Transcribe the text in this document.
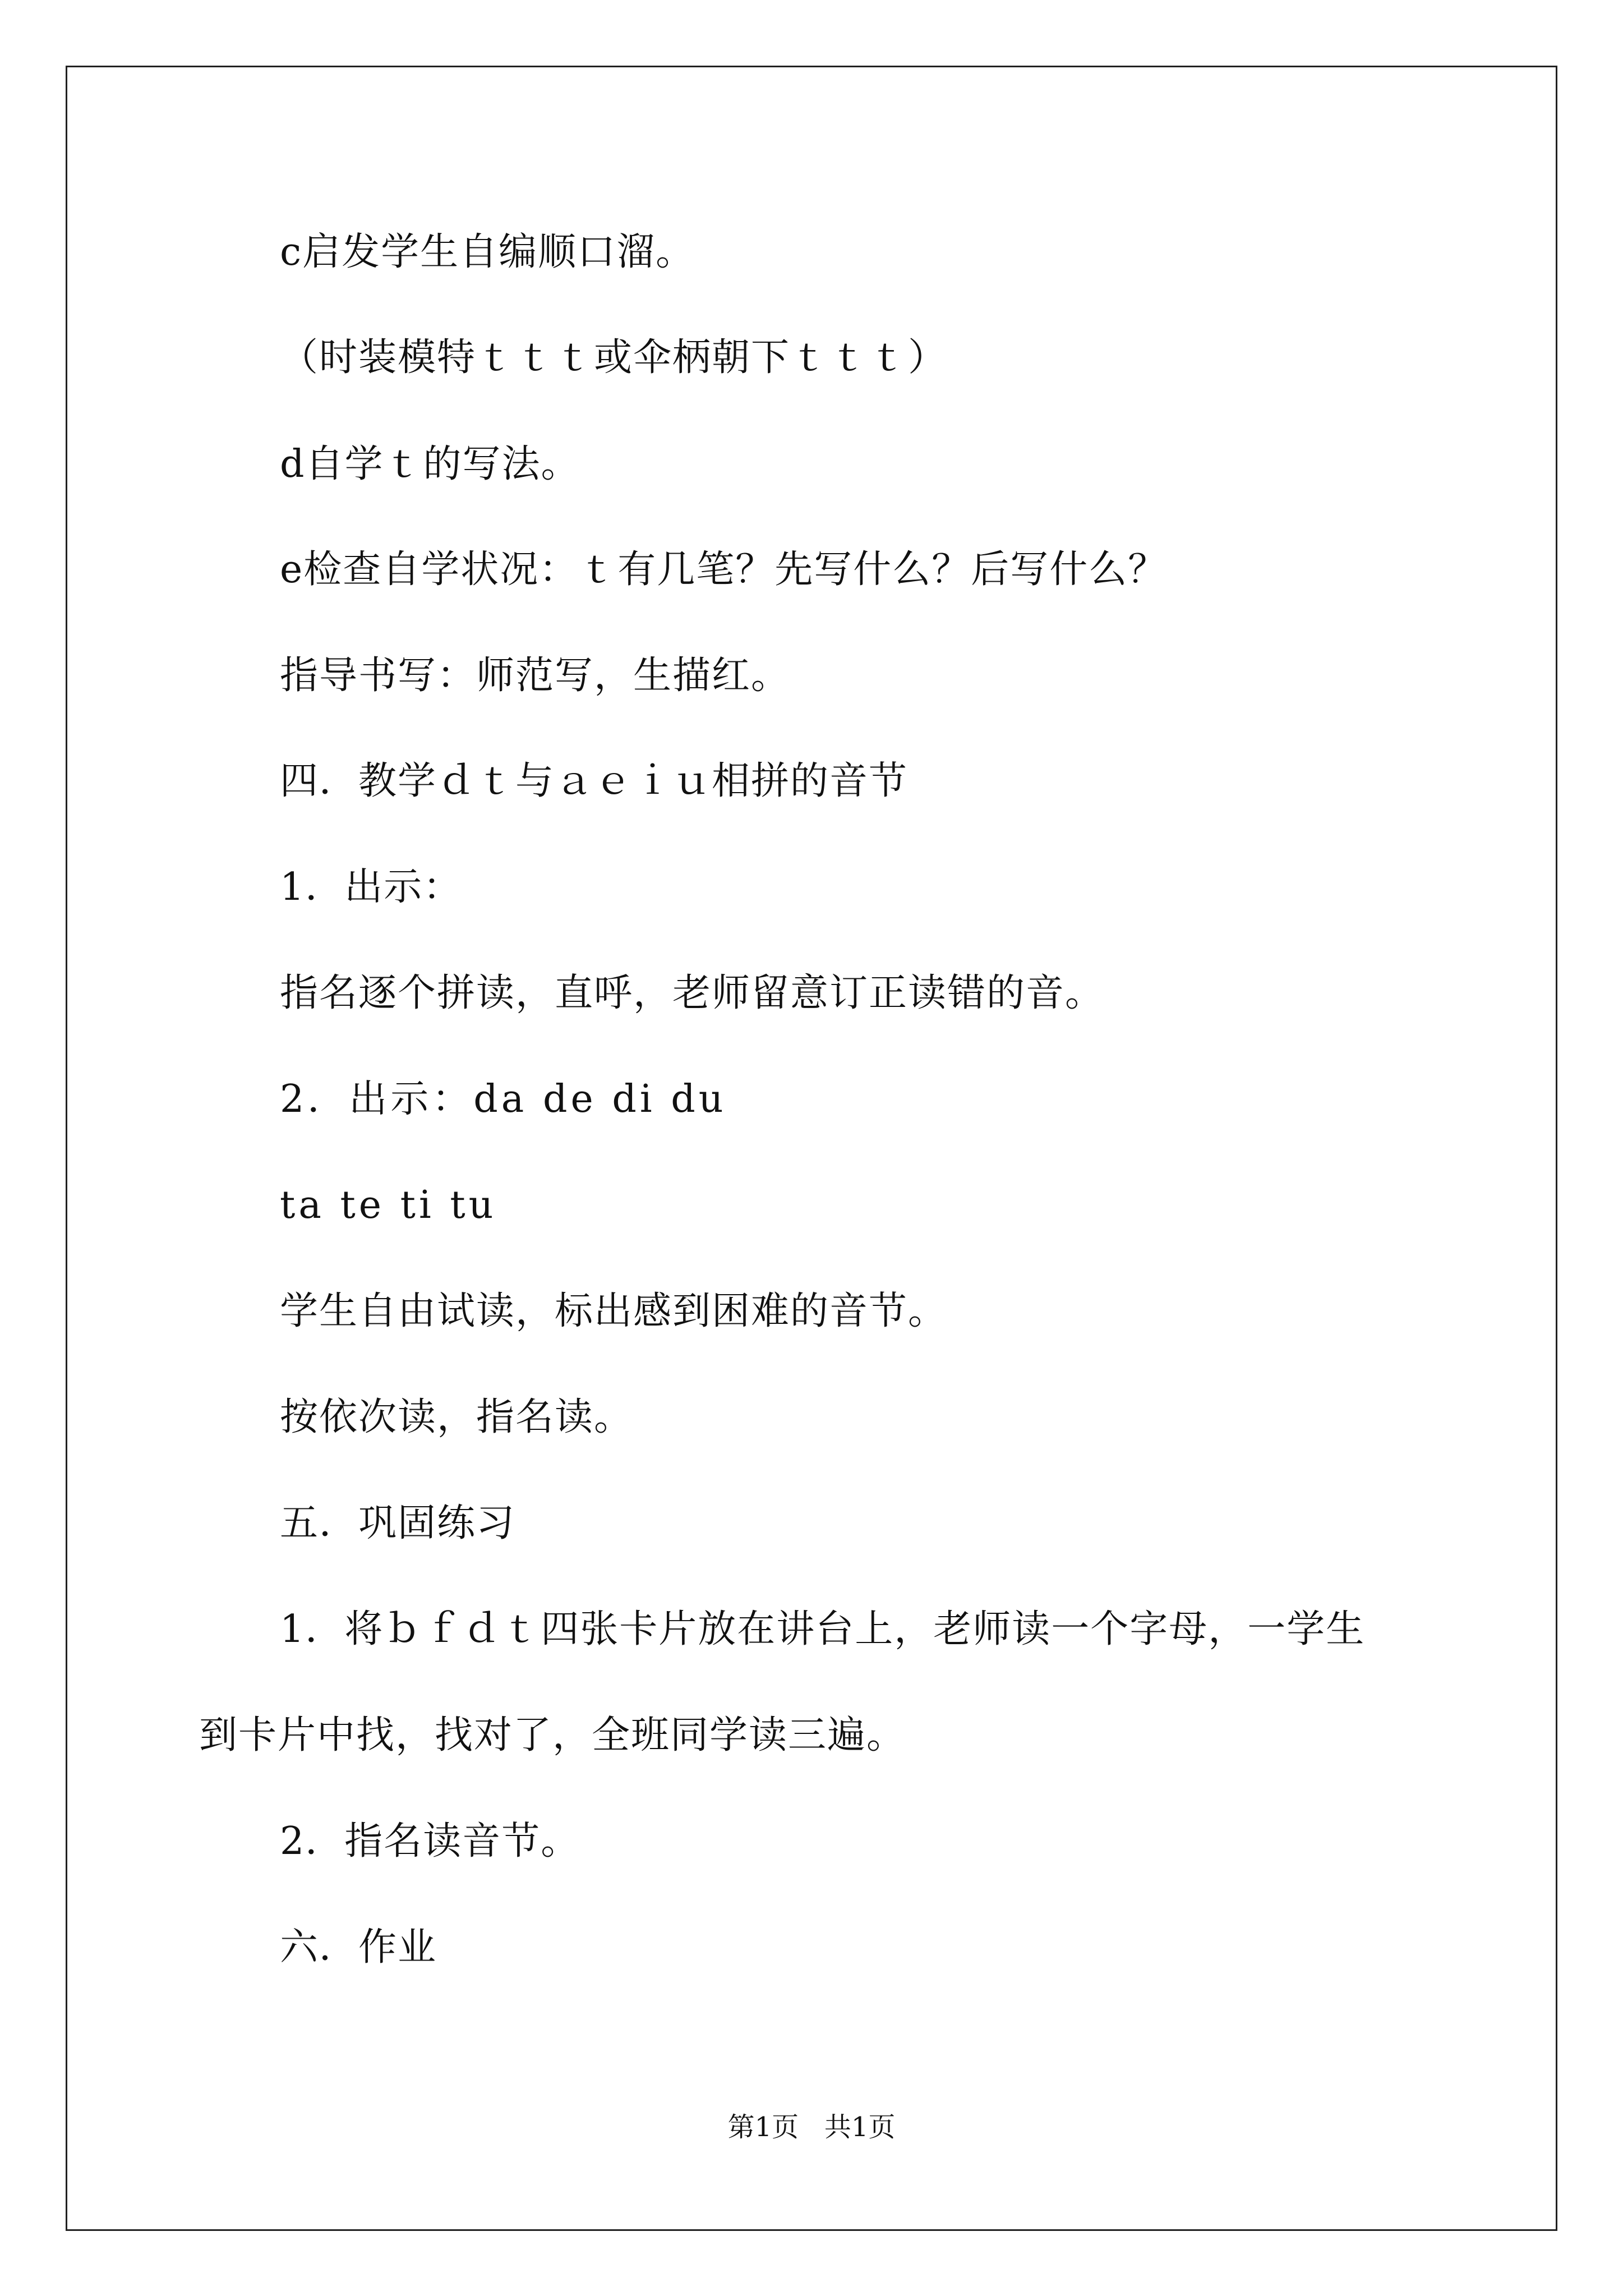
c启发学生自编顺口溜。
（时装模特ｔｔｔ或伞柄朝下ｔｔｔ）
d自学ｔ的写法。
e检查自学状况：ｔ有几笔？先写什么？后写什么？
指导书写：师范写，生描红。
四．教学ｄｔ与ａｅｉｕ相拼的音节
1．出示：
指名逐个拼读，直呼，老师留意订正读错的音。
2．出示：da de di du
ta te ti tu
学生自由试读，标出感到困难的音节。
按依次读，指名读。
五．巩固练习
1．将ｂｆｄｔ四张卡片放在讲台上，老师读一个字母，一学生
到卡片中找，找对了，全班同学读三遍。
2．指名读音节。
六．作业
第1页   共1页
